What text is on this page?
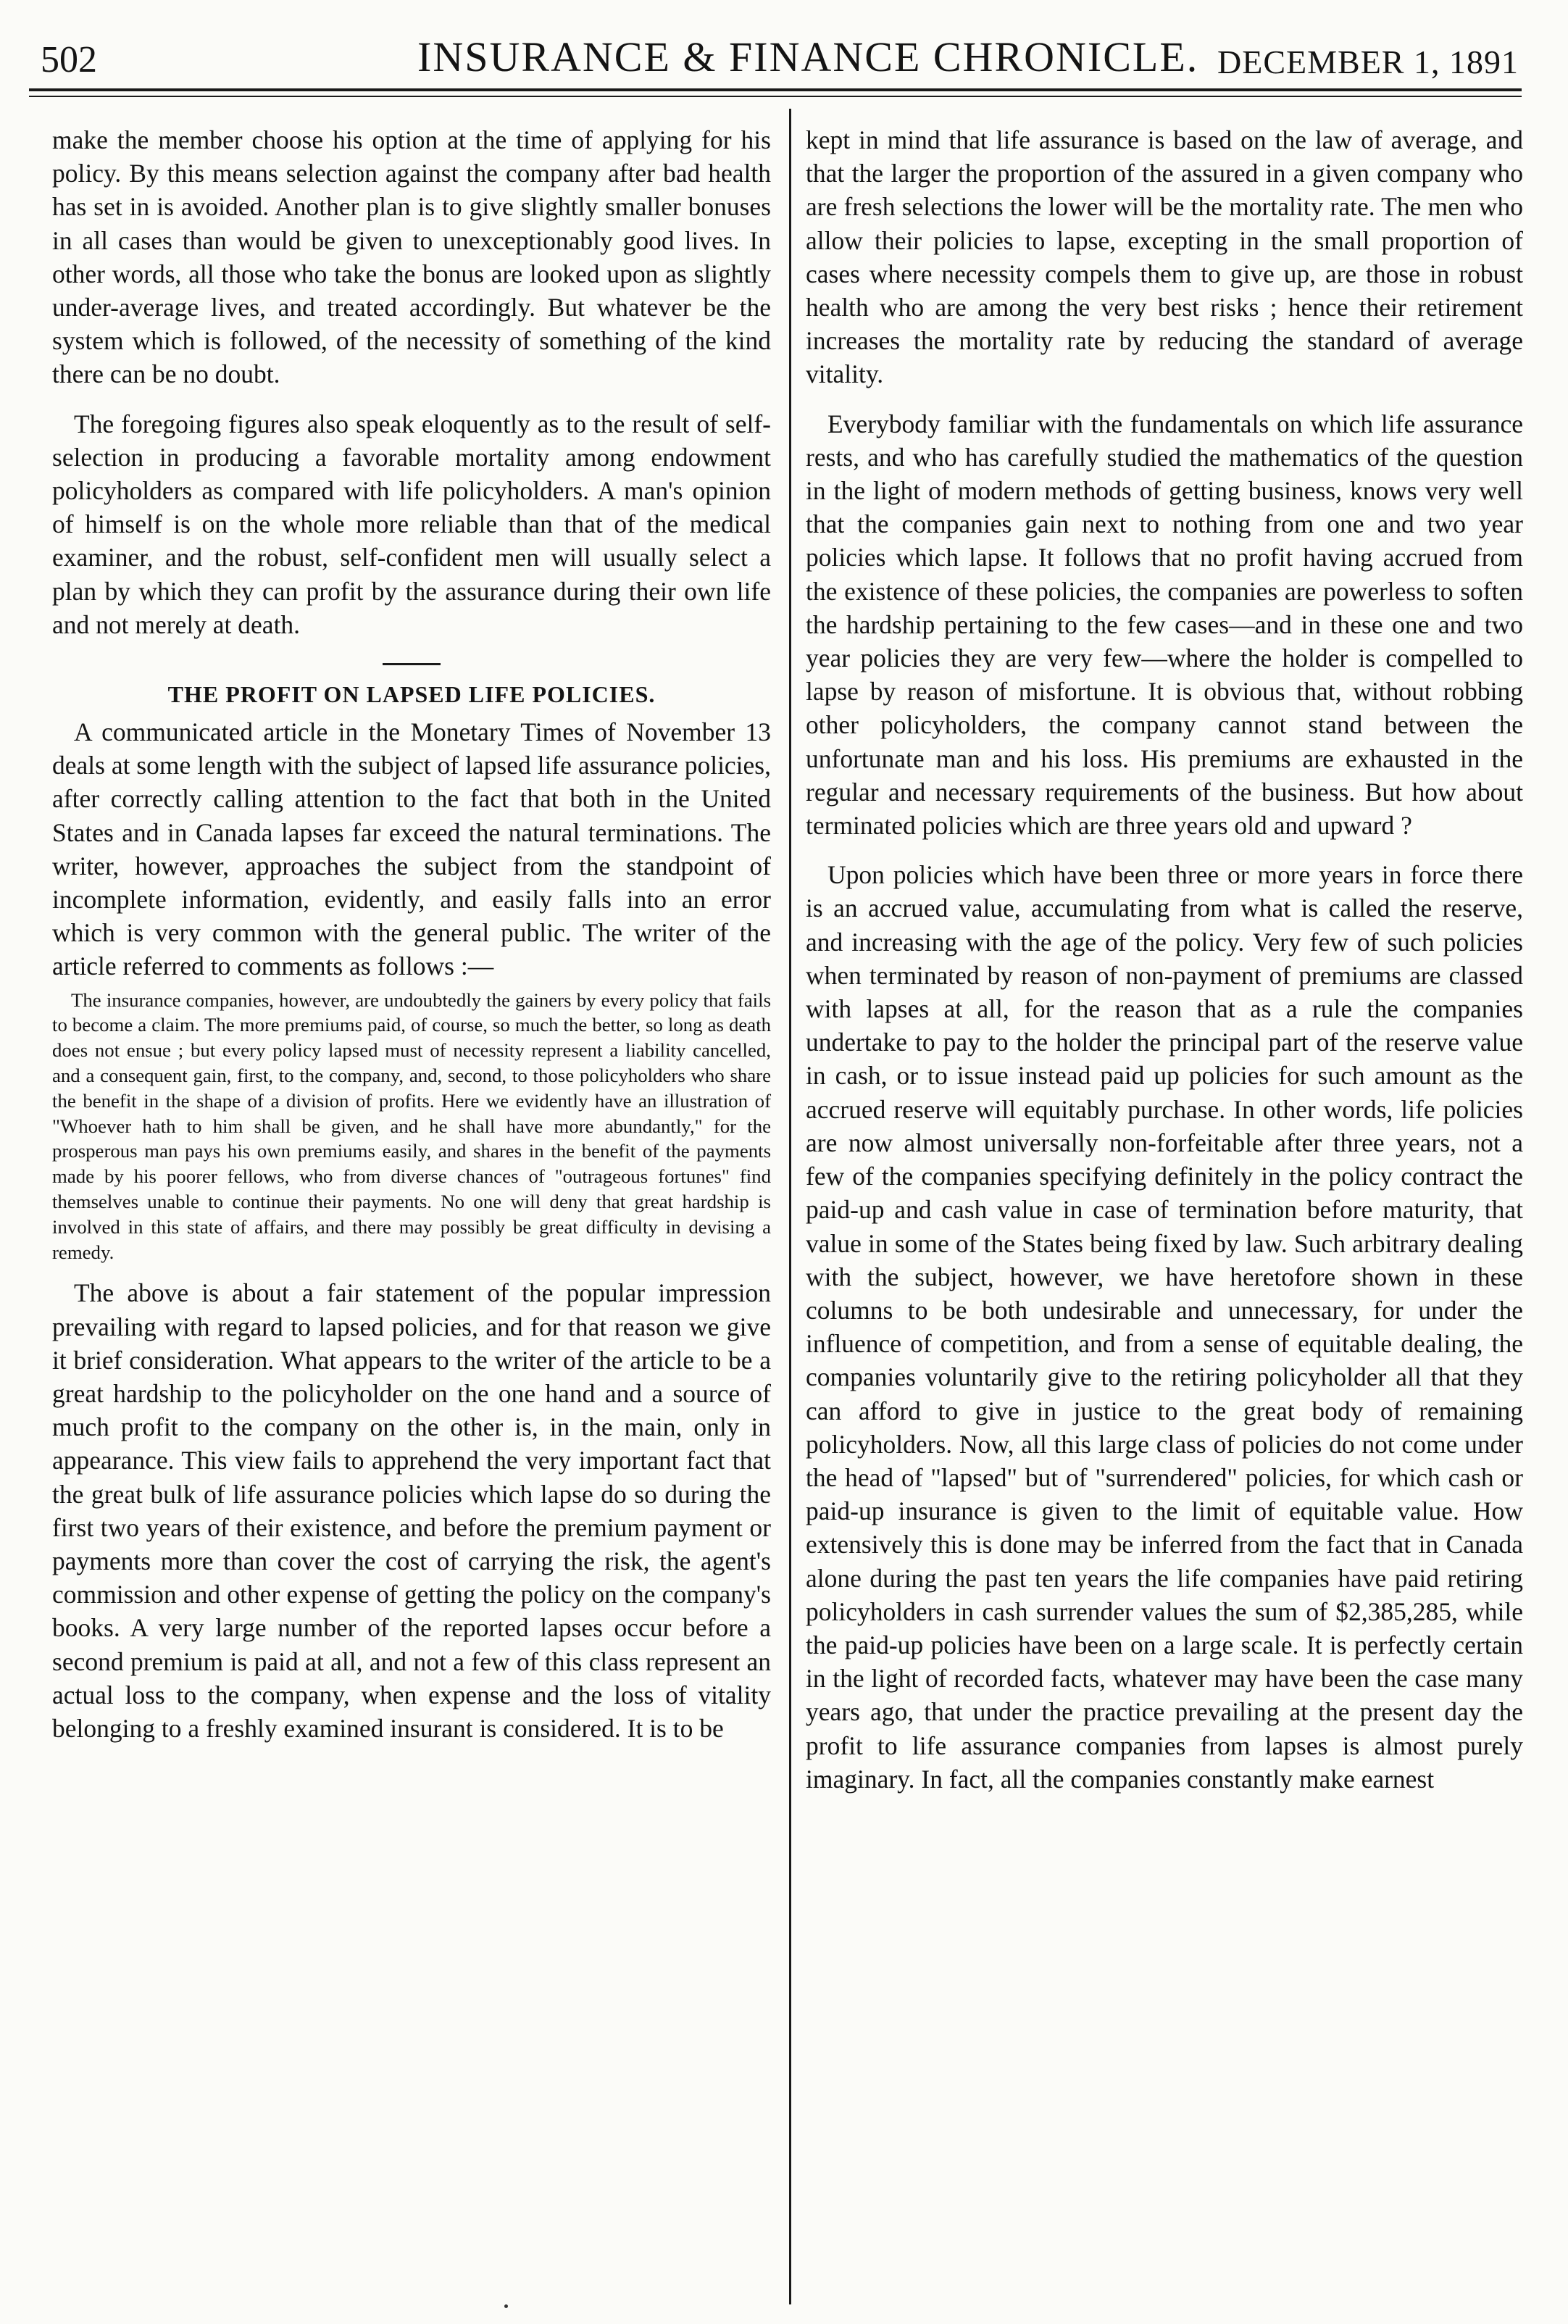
502	INSURANCE & FINANCE CHRONICLE. DECEMBER 1, 1891

make the member choose his option at the time of applying for his policy. By this means selection against the company after bad health has set in is avoided. Another plan is to give slightly smaller bonuses in all cases than would be given to unexceptionably good lives. In other words, all those who take the bonus are looked upon as slightly under-average lives, and treated accordingly. But whatever be the system which is followed, of the necessity of something of the kind there can be no doubt.

The foregoing figures also speak eloquently as to the result of self-selection in producing a favorable mortality among endowment policyholders as compared with life policyholders. A man's opinion of himself is on the whole more reliable than that of the medical examiner, and the robust, self-confident men will usually select a plan by which they can profit by the assurance during their own life and not merely at death.

THE PROFIT ON LAPSED LIFE POLICIES.

A communicated article in the Monetary Times of November 13 deals at some length with the subject of lapsed life assurance policies, after correctly calling attention to the fact that both in the United States and in Canada lapses far exceed the natural terminations. The writer, however, approaches the subject from the standpoint of incomplete information, evidently, and easily falls into an error which is very common with the general public. The writer of the article referred to comments as follows :—

The insurance companies, however, are undoubtedly the gainers by every policy that fails to become a claim. The more premiums paid, of course, so much the better, so long as death does not ensue ; but every policy lapsed must of necessity represent a liability cancelled, and a consequent gain, first, to the company, and, second, to those policyholders who share the benefit in the shape of a division of profits. Here we evidently have an illustration of "Whoever hath to him shall be given, and he shall have more abundantly," for the prosperous man pays his own premiums easily, and shares in the benefit of the payments made by his poorer fellows, who from diverse chances of "outrageous fortunes" find themselves unable to continue their payments. No one will deny that great hardship is involved in this state of affairs, and there may possibly be great difficulty in devising a remedy.

The above is about a fair statement of the popular impression prevailing with regard to lapsed policies, and for that reason we give it brief consideration. What appears to the writer of the article to be a great hardship to the policyholder on the one hand and a source of much profit to the company on the other is, in the main, only in appearance. This view fails to apprehend the very important fact that the great bulk of life assurance policies which lapse do so during the first two years of their existence, and before the premium payment or payments more than cover the cost of carrying the risk, the agent's commission and other expense of getting the policy on the company's books. A very large number of the reported lapses occur before a second premium is paid at all, and not a few of this class represent an actual loss to the company, when expense and the loss of vitality belonging to a freshly examined insurant is considered. It is to be

kept in mind that life assurance is based on the law of average, and that the larger the proportion of the assured in a given company who are fresh selections the lower will be the mortality rate. The men who allow their policies to lapse, excepting in the small proportion of cases where necessity compels them to give up, are those in robust health who are among the very best risks ; hence their retirement increases the mortality rate by reducing the standard of average vitality.

Everybody familiar with the fundamentals on which life assurance rests, and who has carefully studied the mathematics of the question in the light of modern methods of getting business, knows very well that the companies gain next to nothing from one and two year policies which lapse. It follows that no profit having accrued from the existence of these policies, the companies are powerless to soften the hardship pertaining to the few cases—and in these one and two year policies they are very few—where the holder is compelled to lapse by reason of misfortune. It is obvious that, without robbing other policyholders, the company cannot stand between the unfortunate man and his loss. His premiums are exhausted in the regular and necessary requirements of the business. But how about terminated policies which are three years old and upward ?

Upon policies which have been three or more years in force there is an accrued value, accumulating from what is called the reserve, and increasing with the age of the policy. Very few of such policies when terminated by reason of non-payment of premiums are classed with lapses at all, for the reason that as a rule the companies undertake to pay to the holder the principal part of the reserve value in cash, or to issue instead paid up policies for such amount as the accrued reserve will equitably purchase. In other words, life policies are now almost universally non-forfeitable after three years, not a few of the companies specifying definitely in the policy contract the paid-up and cash value in case of termination before maturity, that value in some of the States being fixed by law. Such arbitrary dealing with the subject, however, we have heretofore shown in these columns to be both undesirable and unnecessary, for under the influence of competition, and from a sense of equitable dealing, the companies voluntarily give to the retiring policyholder all that they can afford to give in justice to the great body of remaining policyholders. Now, all this large class of policies do not come under the head of "lapsed" but of "surrendered" policies, for which cash or paid-up insurance is given to the limit of equitable value. How extensively this is done may be inferred from the fact that in Canada alone during the past ten years the life companies have paid retiring policyholders in cash surrender values the sum of $2,385,285, while the paid-up policies have been on a large scale. It is perfectly certain in the light of recorded facts, whatever may have been the case many years ago, that under the practice prevailing at the present day the profit to life assurance companies from lapses is almost purely imaginary. In fact, all the companies constantly make earnest
